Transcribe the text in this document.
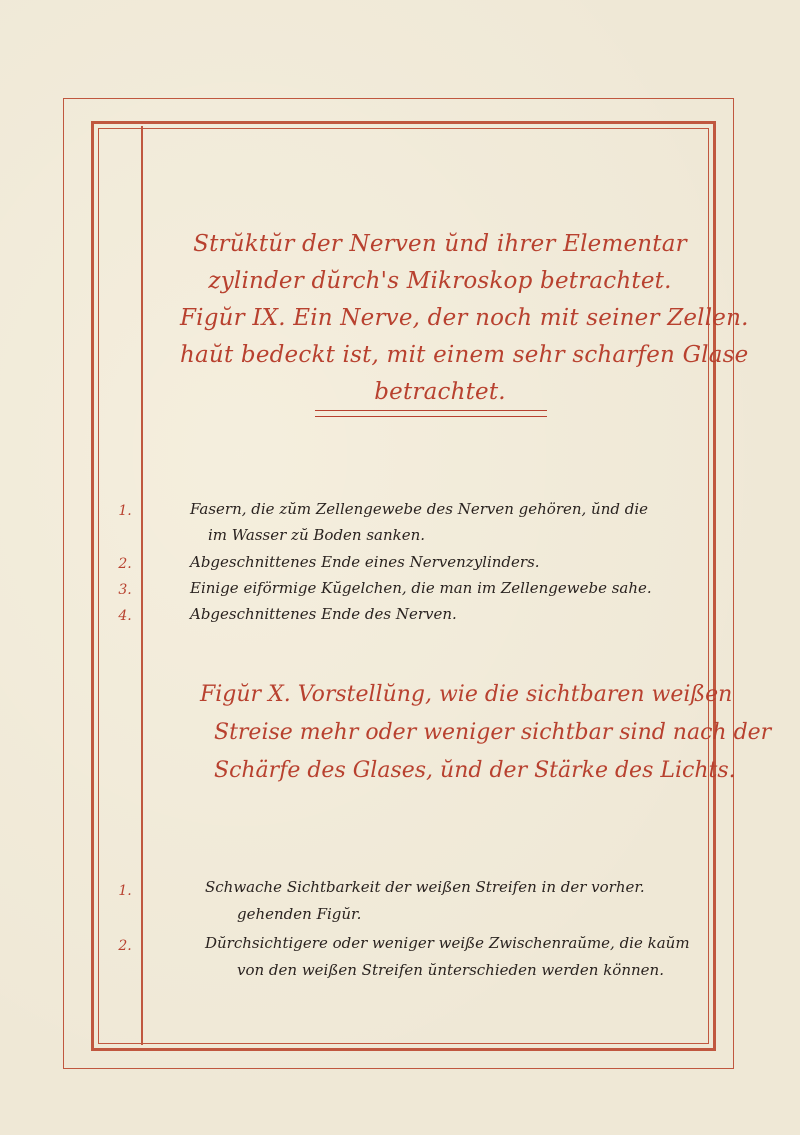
Strŭktŭr der Nerven ŭnd ihrer Elementar
zylinder dŭrch's Mikroskop betrachtet.
Figŭr IX. Ein Nerve, der noch mit seiner Zellen.
haŭt bedeckt ist, mit einem sehr scharfen Glase
betrachtet.
1.	Fasern, die zŭm Zellengewebe des Nerven gehören, ŭnd die
im Wasser zŭ Boden sanken.
2.	Abgeschnittenes Ende eines Nervenzylinders.
3.	Einige eiförmige Kŭgelchen, die man im Zellengewebe sahe.
4.	Abgeschnittenes Ende des Nerven.
Figŭr X. Vorstellŭng, wie die sichtbaren weißen
Streise mehr oder weniger sichtbar sind nach der
Schärfe des Glases, ŭnd der Stärke des Lichts.
1.	Schwache Sichtbarkeit der weißen Streifen in der vorher.
gehenden Figŭr.
2.	Dŭrchsichtigere oder weniger weiße Zwischenraŭme, die kaŭm
von den weißen Streifen ŭnterschieden werden können.
